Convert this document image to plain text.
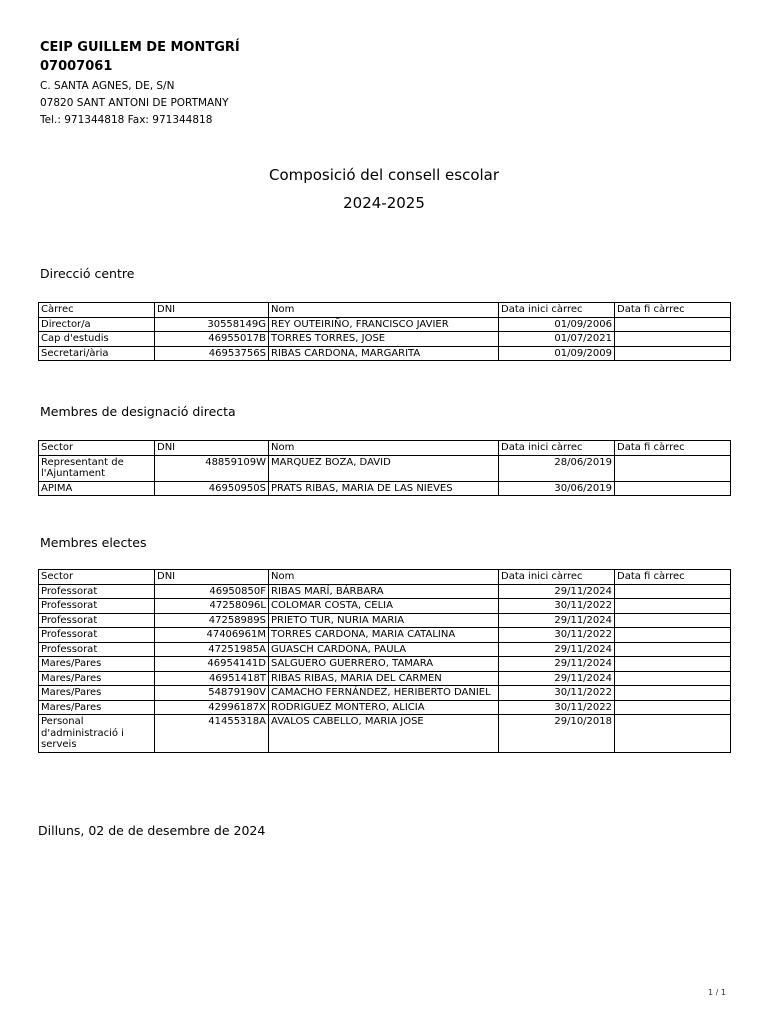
CEIP GUILLEM DE MONTGRÍ
07007061
C. SANTA AGNES, DE, S/N
07820 SANT ANTONI DE PORTMANY
Tel.: 971344818 Fax: 971344818
Composició del consell escolar
2024-2025
Direcció centre
Càrrec	DNI	Nom	Data inici càrrec	Data fi càrrec
Director/a	30558149G	REY OUTEIRIÑO, FRANCISCO JAVIER	01/09/2006	
Cap d'estudis	46955017B	TORRES TORRES, JOSE	01/07/2021	
Secretari/ària	46953756S	RIBAS CARDONA, MARGARITA	01/09/2009	
Membres de designació directa
Sector	DNI	Nom	Data inici càrrec	Data fi càrrec
Representant de l'Ajuntament	48859109W	MARQUEZ BOZA, DAVID	28/06/2019	
APIMA	46950950S	PRATS RIBAS, MARIA DE LAS NIEVES	30/06/2019	
Membres electes
Sector	DNI	Nom	Data inici càrrec	Data fi càrrec
Professorat	46950850F	RIBAS MARÍ, BÁRBARA	29/11/2024	
Professorat	47258096L	COLOMAR COSTA, CELIA	30/11/2022	
Professorat	47258989S	PRIETO TUR, NURIA MARIA	29/11/2024	
Professorat	47406961M	TORRES CARDONA, MARIA CATALINA	30/11/2022	
Professorat	47251985A	GUASCH CARDONA, PAULA	29/11/2024	
Mares/Pares	46954141D	SALGUERO GUERRERO, TAMARA	29/11/2024	
Mares/Pares	46951418T	RIBAS RIBAS, MARIA DEL CARMEN	29/11/2024	
Mares/Pares	54879190V	CAMACHO FERNÁNDEZ, HERIBERTO DANIEL	30/11/2022	
Mares/Pares	42996187X	RODRIGUEZ MONTERO, ALICIA	30/11/2022	
Personal d'administració i serveis	41455318A	AVALOS CABELLO, MARIA JOSE	29/10/2018	
Dilluns, 02 de de desembre de 2024
1 / 1
